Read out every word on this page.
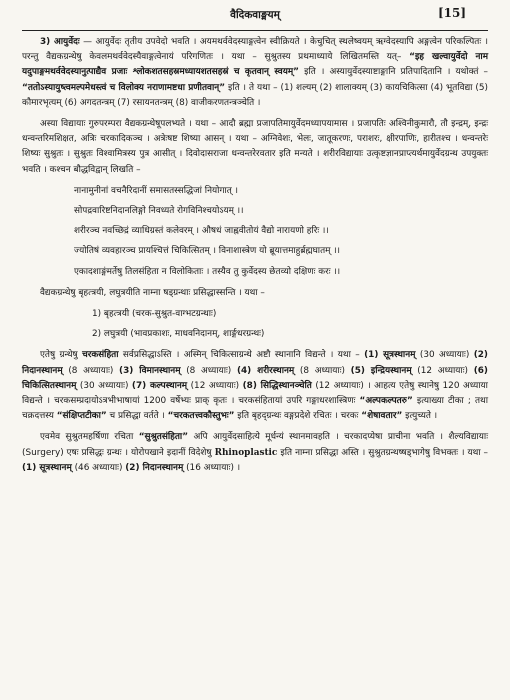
वैदिकवाङ्मयम्	[15]

3) आयुर्वेदः — आयुर्वेदः तृतीय उपवेदो भवति । अयमथर्ववेदस्याङ्गत्वेन स्वीक्रियते । केचुचित् स्थलेष्वयम् ऋग्वेदस्यापि अङ्गत्वेन परिकल्पितः । परन्तु वैद्यकग्रन्थेषु केवलमथर्ववेदस्यैवाङ्गत्वेनायं परिगणितः । यथा – सुश्रुतस्य प्रथमाध्याये लिखितमस्ति यत्– “इह खल्वायुर्वेदो नाम यदुपाङ्गमथर्ववेदस्यानुत्पाद्यैव प्रजाः श्लोकशतसहस्रमध्यायशतसहस्रं च कृतवान् स्वयम्” इति । अस्यायुर्वेदस्याष्टाङ्गानि प्रतिपादितानि । यथोक्तं – “ततोऽस्यायुष्त्वमल्पमेधस्त्वं च विलोक्य नराणामष्टधा प्रणीतवान्” इति । ते यथा – (1) शल्यम् (2) शालाक्यम् (3) कायचिकित्सा (4) भूतविद्या (5) कौमारभृत्यम् (6) अगदतन्त्रम् (7) रसायनतन्त्रम् (8) वाजीकरणतन्त्रञ्चेति ।

अस्या विद्यायाः गुरुपरम्परा वैद्यकग्रन्थेषूपलभ्यते । यथा – आदौ ब्रह्मा प्रजापतिमायुर्वेदमध्यापयामास । प्रजापतिः अश्विनीकुमारौ, तौ इन्द्रम्, इन्द्रः धन्वन्तरिमशिक्षत, अत्रिः चरकादिकञ्च । अत्रेःषष्ट शिष्या आसन् । यथा – अग्निवेशः, भेलः, जातूकरणः, पराशरः, क्षीरपाणिः, हारीतश्च । धन्वन्तरेः शिष्यः सुश्रुतः । सुश्रुतः विश्वामित्रस्य पुत्र आसीत् । दिवोदासराजा धन्वन्तरेरवतार इति मन्यते । शरीरविद्यायाः उत्कृष्टज्ञानप्राप्त्यर्थमायुर्वेदग्रन्थ उपयुक्तः भवति । कश्चन बौद्धविद्वान् लिखति –

नानामुनीनां वचनैरिदानीं समासतस्सद्धिजां नियोगात् ।
सोपद्रवारिष्टनिदानलिङ्गो निवध्यते रोगविनिश्चयोऽयम् ।।
शरीरञ्च नवच्छिद्रं व्याधिग्रस्तं कलेवरम् । औषधं जाह्नवीतोयं वैद्यो नारायणो हरिः ।।
ज्योतिषं व्यवहारञ्च प्रायश्चित्तं चिकित्सितम् । विनाशास्त्रेण यो ब्रूयात्तमाहुर्ब्रह्मघातम् ।।
एकादशाङ्गंमर्तेषु तिलसंहिता न विलोकिताः । तस्यैव तु कुर्वेदस्य छेतव्यो दक्षिणः करः ।।

वैद्यकग्रन्थेषु बृहत्त्रयी, लघुत्रयीति नाम्ना षड्ग्रन्थाः प्रसिद्धास्सन्ति । यथा –

1) बृहत्त्रयी (चरक-सुश्रुत-वाग्भटग्रन्थाः)
2) लघुत्रयी (भावप्रकाशः, माधवनिदानम्, शार्ङ्गधरग्रन्थः)

एतेषु ग्रन्थेषु चरकसंहिता सर्वप्रसिद्धाऽस्ति । अस्मिन् चिकित्साग्रन्थे अष्टौ स्थानानि विद्यन्ते । यथा – (1) सूत्रस्थानम् (30 अध्यायाः) (2) निदानस्थानम् (8 अध्यायाः) (3) विमानस्थानम् (8 अध्यायाः) (4) शरीरस्थानम् (8 अध्यायाः) (5) इन्द्रियस्थानम् (12 अध्यायाः) (6) चिकित्सितस्थानम् (30 अध्यायाः) (7) कल्पस्थानम् (12 अध्यायाः) (8) सिद्धिस्थानञ्चेति (12 अध्यायाः) । आहत्य एतेषु स्थानेषु 120 अध्याया विद्यन्ते । चरकसम्प्रदायोऽत्रभीभाषायां 1200 वर्षेभ्यः प्राक् कृतः । चरकसंहितायां उपरि गङ्गाधरशास्त्रिणः “अल्पकल्पतरु” इत्याख्या टीका ; तथा चक्रदत्तस्य “संक्षिप्तटीका” च प्रसिद्धा वर्तते । “चरकतत्त्वकौस्तुभः” इति बृहद्ग्रन्थः वङ्गप्रदेशे रचितः । चरकः “शेषावतार” इत्युच्यते ।

एवमेव सुश्रुतमहर्षिणा रचिता “सुश्रुतसंहिता” अपि आयुर्वेदसाहित्ये मूर्धन्यं स्थानमावहति । चरकादप्येषा प्राचीना भवति । शैल्यविद्यायाः (Surgery) एषः प्रसिद्धः ग्रन्थः । योरोपखाने इदानीं विदेशेषु Rhinoplastic इति नाम्ना प्रसिद्धा अस्ति । सुश्रुतग्रन्थष्षड्भागेषु विभक्तः । यथा – (1) सूत्रस्थानम् (46 अध्यायाः) (2) निदानस्थानम् (16 अध्यायाः) ।
